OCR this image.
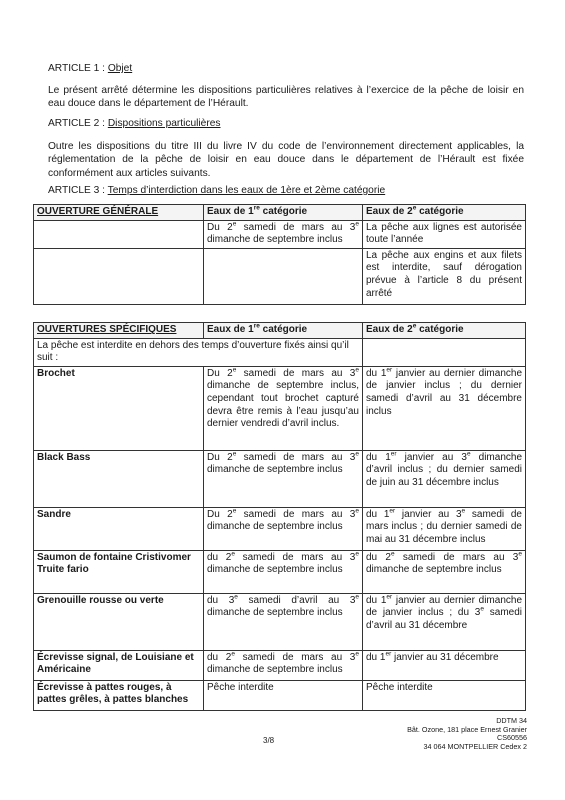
ARTICLE 1 : Objet
Le présent arrêté détermine les dispositions particulières relatives à l’exercice de la pêche de loisir en eau douce dans le département de l’Hérault.
ARTICLE 2 : Dispositions particulières
Outre les dispositions du titre III du livre IV du code de l’environnement directement applicables, la réglementation de la pêche de loisir en eau douce dans le département de l’Hérault est fixée conformément aux articles suivants.
ARTICLE 3 : Temps d’interdiction dans les eaux de 1ère et 2ème catégorie
OUVERTURE GÉNÉRALE	Eaux de 1re catégorie	Eaux de 2e catégorie
	Du 2e samedi de mars au 3e dimanche de septembre inclus	La pêche aux lignes est autorisée toute l’année
		La pêche aux engins et aux filets est interdite, sauf dérogation prévue à l’article 8 du présent arrêté
OUVERTURES SPÉCIFIQUES	Eaux de 1re catégorie	Eaux de 2e catégorie
La pêche est interdite en dehors des temps d’ouverture fixés ainsi qu’il suit :		
Brochet	Du 2e samedi de mars au 3e dimanche de septembre inclus, cependant tout brochet capturé devra être remis à l’eau jusqu’au dernier vendredi d’avril inclus.	du 1er janvier au dernier dimanche de janvier inclus ; du dernier samedi d’avril au 31 décembre inclus
Black Bass	Du 2e samedi de mars au 3e dimanche de septembre inclus	du 1er janvier au 3e dimanche d’avril inclus ; du dernier samedi de juin au 31 décembre inclus
Sandre	Du 2e samedi de mars au 3e dimanche de septembre inclus	du 1er janvier au 3e samedi de mars inclus ; du dernier samedi de mai au 31 décembre inclus
Saumon de fontaine Cristivomer Truite fario	du 2e samedi de mars au 3e dimanche de septembre inclus	du 2e samedi de mars au 3e dimanche de septembre inclus
Grenouille rousse ou verte	du 3e samedi d’avril au 3e dimanche de septembre inclus	du 1er janvier au dernier dimanche de janvier inclus ; du 3e samedi d’avril au 31 décembre
Écrevisse signal, de Louisiane et Américaine	du 2e samedi de mars au 3e dimanche de septembre inclus	du 1er janvier au 31 décembre
Écrevisse à pattes rouges, à pattes grêles, à pattes blanches	Pêche interdite	Pêche interdite
3/8
DDTM 34
Bât. Ozone, 181 place Ernest Granier
CS60556
34 064 MONTPELLIER Cedex 2
